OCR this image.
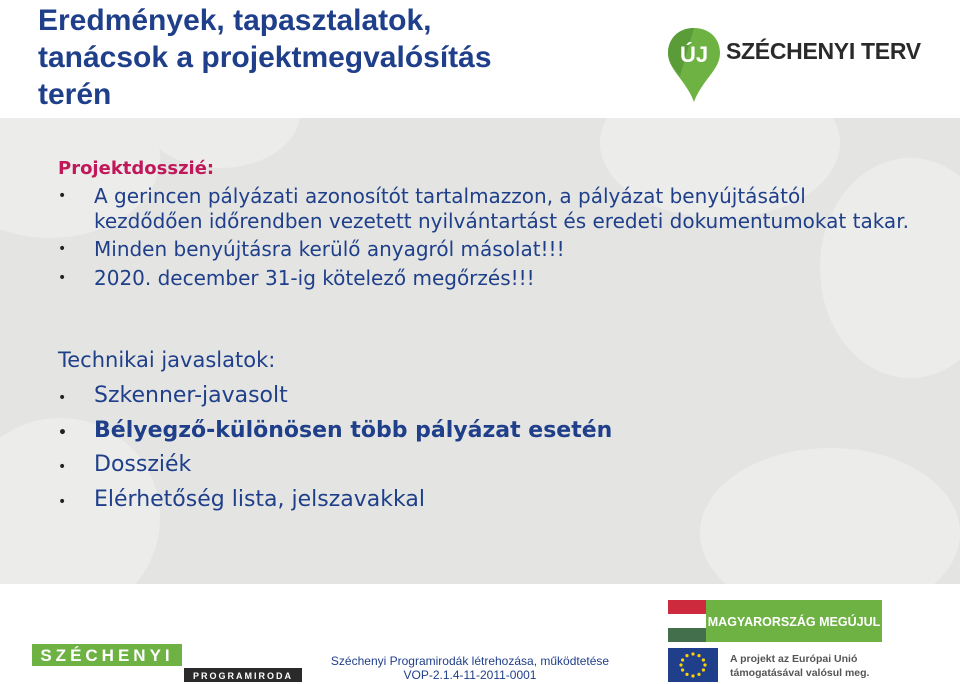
Eredmények, tapasztalatok,
tanácsok a projektmegvalósítás
terén
ÚJ SZÉCHENYI TERV
Projektdosszié:
• A gerincen pályázati azonosítót tartalmazzon, a pályázat benyújtásától kezdődően időrendben vezetett nyilvántartást és eredeti dokumentumokat takar.
• Minden benyújtásra kerülő anyagról másolat!!!
• 2020. december 31-ig kötelező megőrzés!!!
Technikai javaslatok:
• Szkenner-javasolt
• Bélyegző-különösen több pályázat esetén
• Dossziék
• Elérhetőség lista, jelszavakkal
SZÉCHENYI
PROGRAMIRODA
Széchenyi Programirodák létrehozása, működtetése
VOP-2.1.4-11-2011-0001
MAGYARORSZÁG MEGÚJUL
A projekt az Európai Unió
támogatásával valósul meg.
